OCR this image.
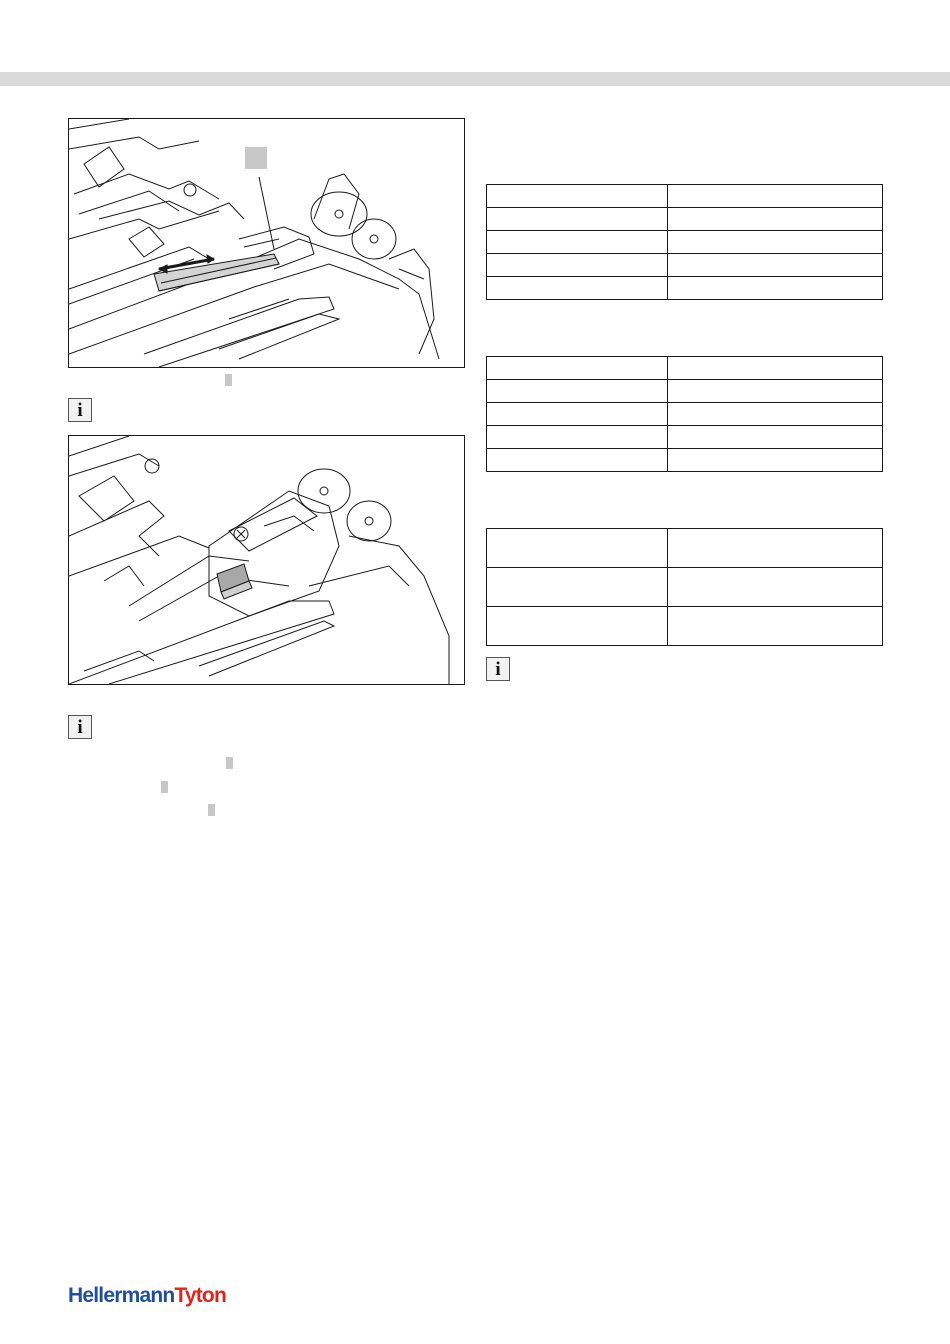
i
i

i
HellermannTyton
